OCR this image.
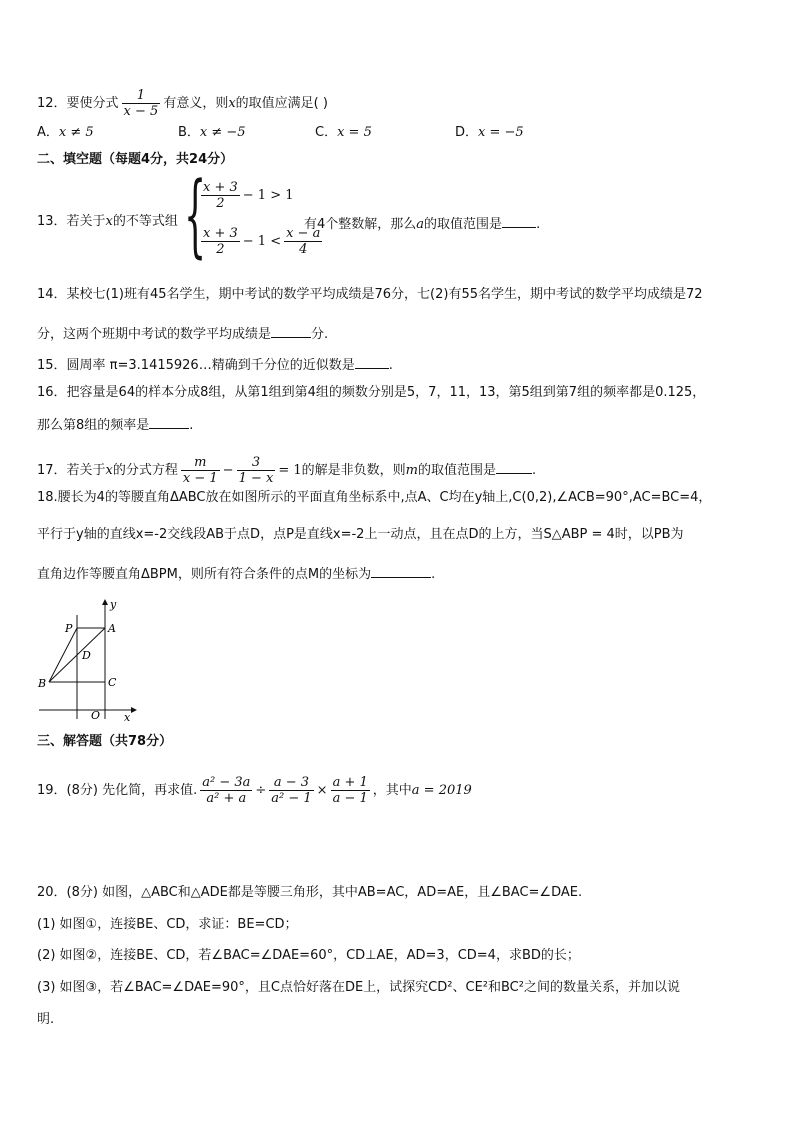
12．要使分式 $\frac{1}{x - 5}$ 有意义，则x的取值应满足( )
A．x ≠ 5	B．x ≠ −5	C．x = 5	D．x = −5
二、填空题（每题4分，共24分）
13．若关于x的不等式组 {
$\frac{x + 3}{2} - 1 > 1$
$\frac{x + 3}{2} - 1 < \frac{x - a}{4}$
有4个整数解，那么a的取值范围是	.
14．某校七(1)班有45名学生，期中考试的数学平均成绩是76分，七(2)有55名学生，期中考试的数学平均成绩是72
分，这两个班期中考试的数学平均成绩是	分.
15．圆周率 π=3.1415926…精确到千分位的近似数是	.
16．把容量是64的样本分成8组，从第1组到第4组的频数分别是5，7，11，13，第5组到第7组的频率都是0.125，
那么第8组的频率是	.
17．若关于x的分式方程 $\frac{m}{x - 1} - \frac{3}{1 - x} = 1$的解是非负数，则m的取值范围是	.
18.腰长为4的等腰直角ΔABC放在如图所示的平面直角坐标系中,点A、C均在y轴上,C(0,2),∠ACB=90°,AC=BC=4，
平行于y轴的直线x=-2交线段AB于点D，点P是直线x=-2上一动点，且在点D的上方，当S△ABP = 4时，以PB为
直角边作等腰直角ΔBPM，则所有符合条件的点M的坐标为	.
y
x
P	A
D
B	C
O
三、解答题（共78分）
19．(8分) 先化简，再求值. $\frac{\text{a² − 3a}}{\text{a² + a}} \div \frac{a - 3}{\text{a² − 1}} \times \frac{a + 1}{a - 1}$ ，其中a = 2019
20．(8分) 如图，△ABC和△ADE都是等腰三角形，其中AB=AC，AD=AE，且∠BAC=∠DAE.
(1) 如图①，连接BE、CD，求证：BE=CD；
(2) 如图②，连接BE、CD，若∠BAC=∠DAE=60°，CD⊥AE，AD=3，CD=4，求BD的长；
(3) 如图③，若∠BAC=∠DAE=90°，且C点恰好落在DE上，试探究CD²、CE²和BC²之间的数量关系，并加以说
明.
